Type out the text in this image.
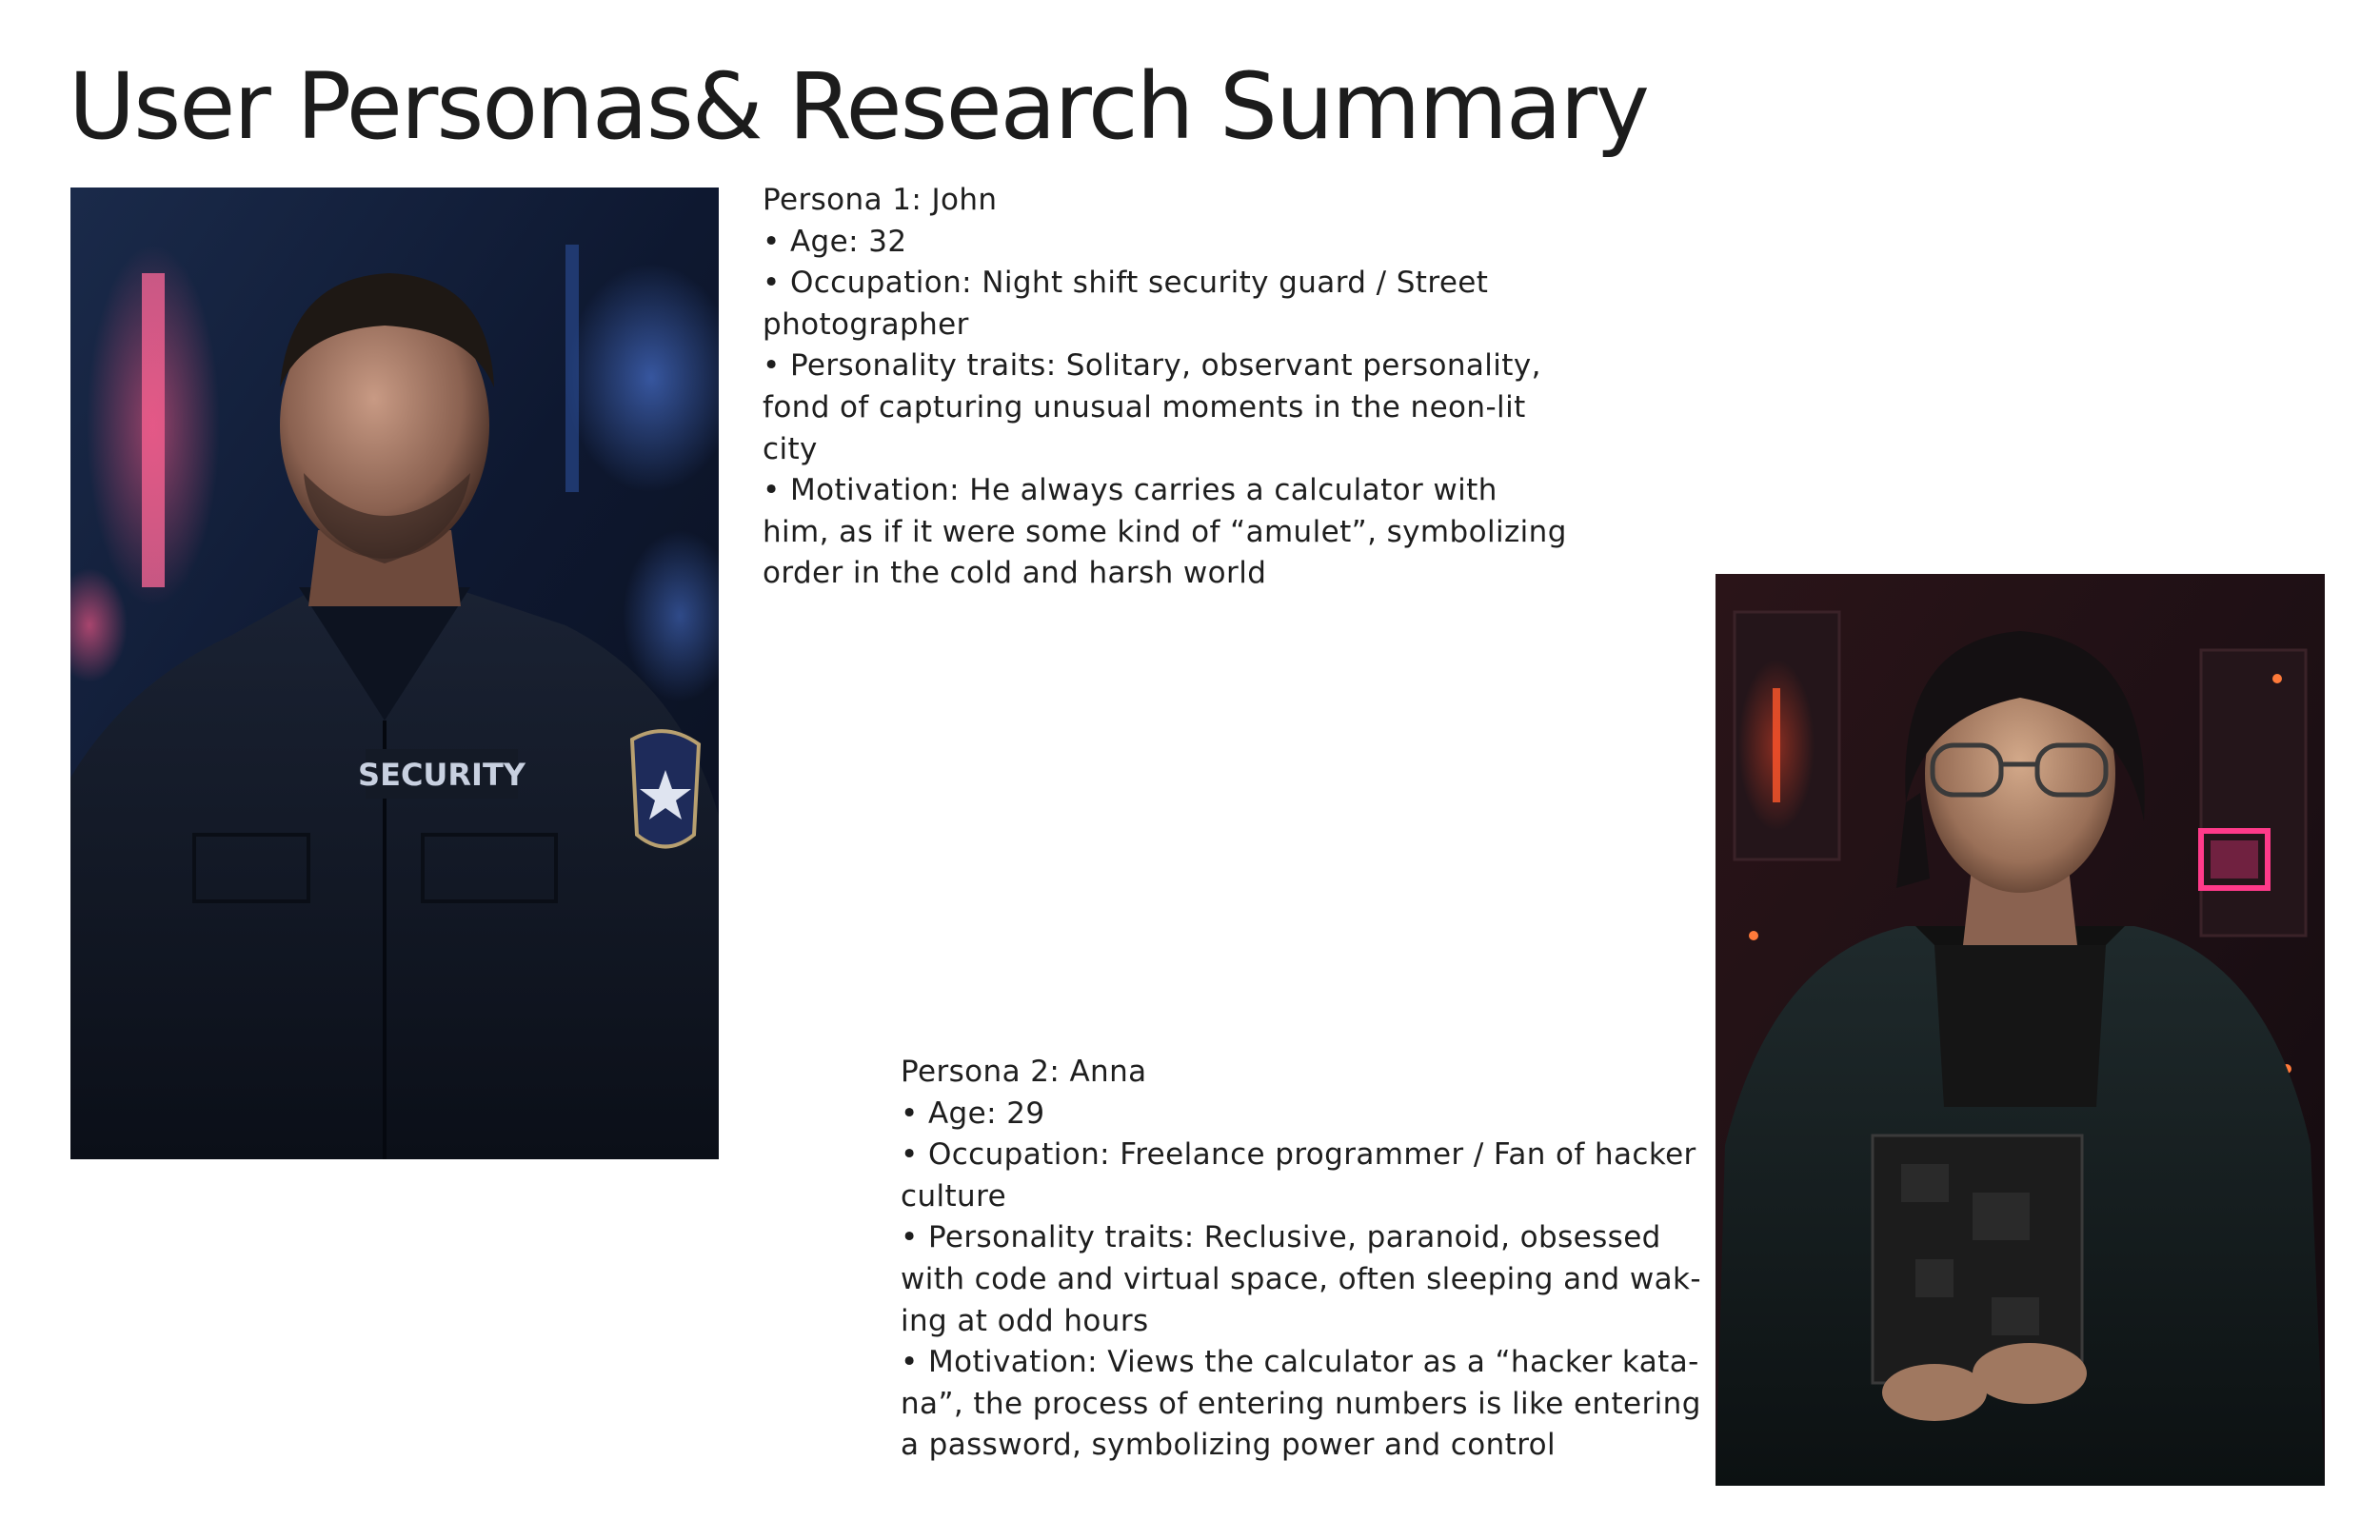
User Personas& Research Summary
SECURITY
Persona 1: John
• Age: 32
• Occupation: Night shift security guard / Street
photographer
• Personality traits: Solitary, observant personality,
fond of capturing unusual moments in the neon-lit
city
• Motivation: He always carries a calculator with
him, as if it were some kind of “amulet”, symbolizing
order in the cold and harsh world
Persona 2: Anna
• Age: 29
• Occupation: Freelance programmer / Fan of hacker
culture
• Personality traits: Reclusive, paranoid, obsessed
with code and virtual space, often sleeping and wak-
ing at odd hours
• Motivation: Views the calculator as a “hacker kata-
na”, the process of entering numbers is like entering
a password, symbolizing power and control
